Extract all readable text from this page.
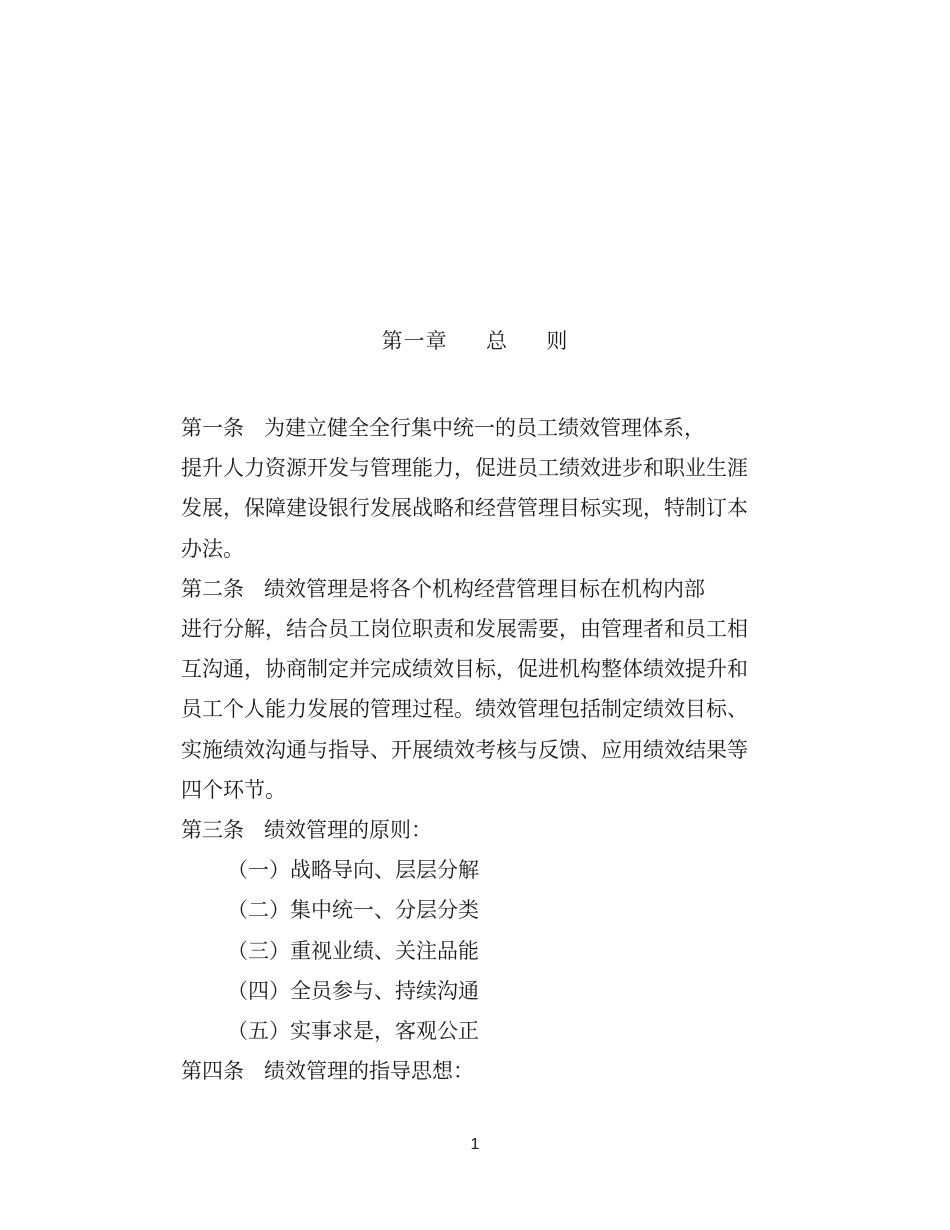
第一章     总     则

第一条 为建立健全全行集中统一的员工绩效管理体系，
提升人力资源开发与管理能力，促进员工绩效进步和职业生涯
发展，保障建设银行发展战略和经营管理目标实现，特制订本
办法。

第二条 绩效管理是将各个机构经营管理目标在机构内部
进行分解，结合员工岗位职责和发展需要，由管理者和员工相
互沟通，协商制定并完成绩效目标，促进机构整体绩效提升和
员工个人能力发展的管理过程。绩效管理包括制定绩效目标、
实施绩效沟通与指导、开展绩效考核与反馈、应用绩效结果等
四个环节。

第三条 绩效管理的原则：

（一）战略导向、层层分解

（二）集中统一、分层分类

（三）重视业绩、关注品能

（四）全员参与、持续沟通

（五）实事求是，客观公正

第四条 绩效管理的指导思想：

1
